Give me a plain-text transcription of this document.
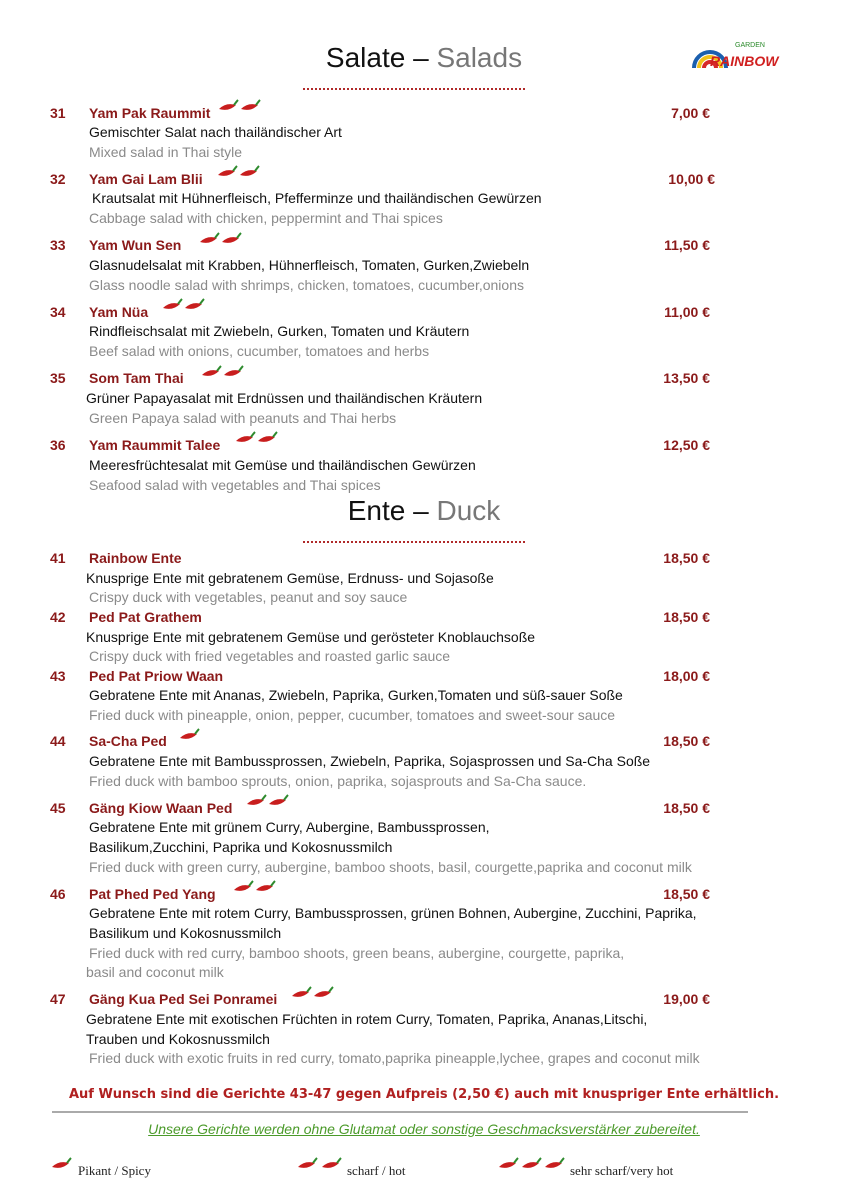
GARDEN
RAINBOW
Salate – Salads
31 Yam Pak Raummit	7,00 €
Gemischter Salat nach thailändischer Art
Mixed salad in Thai style
32 Yam Gai Lam Blii	10,00 €
Krautsalat mit Hühnerfleisch, Pfefferminze und thailändischen Gewürzen
Cabbage salad with chicken, peppermint and Thai spices
33 Yam Wun Sen	11,50 €
Glasnudelsalat mit Krabben, Hühnerfleisch, Tomaten, Gurken,Zwiebeln
Glass noodle salad with shrimps, chicken, tomatoes, cucumber,onions
34 Yam Nüa	11,00 €
Rindfleischsalat mit Zwiebeln, Gurken, Tomaten und Kräutern
Beef salad with onions, cucumber, tomatoes and herbs
35 Som Tam Thai	13,50 €
Grüner Papayasalat mit Erdnüssen und thailändischen Kräutern
Green Papaya salad with peanuts and Thai herbs
36 Yam Raummit Talee	12,50 €
Meeresfrüchtesalat mit Gemüse und thailändischen Gewürzen
Seafood salad with vegetables and Thai spices
Ente – Duck
41 Rainbow Ente	18,50 €
Knusprige Ente mit gebratenem Gemüse, Erdnuss- und Sojasoße
Crispy duck with vegetables, peanut and soy sauce
42 Ped Pat Grathem	18,50 €
Knusprige Ente mit gebratenem Gemüse und gerösteter Knoblauchsoße
Crispy duck with fried vegetables and roasted garlic sauce
43 Ped Pat Priow Waan	18,00 €
Gebratene Ente mit Ananas, Zwiebeln, Paprika, Gurken,Tomaten und süß-sauer Soße
Fried duck with pineapple, onion, pepper, cucumber, tomatoes and sweet-sour sauce
44 Sa-Cha Ped	18,50 €
Gebratene Ente mit Bambussprossen, Zwiebeln, Paprika, Sojasprossen und Sa-Cha Soße
Fried duck with bamboo sprouts, onion, paprika, sojasprouts and Sa-Cha sauce.
45 Gäng Kiow Waan Ped	18,50 €
Gebratene Ente mit grünem Curry, Aubergine, Bambussprossen,
Basilikum,Zucchini, Paprika und Kokosnussmilch
Fried duck with green curry, aubergine, bamboo shoots, basil, courgette,paprika and coconut milk
46 Pat Phed Ped Yang	18,50 €
Gebratene Ente mit rotem Curry, Bambussprossen, grünen Bohnen, Aubergine, Zucchini, Paprika,
Basilikum und Kokosnussmilch
Fried duck with red curry, bamboo shoots, green beans, aubergine, courgette, paprika,
basil and coconut milk
47 Gäng Kua Ped Sei Ponramei	19,00 €
Gebratene Ente mit exotischen Früchten in rotem Curry, Tomaten, Paprika, Ananas,Litschi,
Trauben und Kokosnussmilch
Fried duck with exotic fruits in red curry, tomato,paprika pineapple,lychee, grapes and coconut milk
Auf Wunsch sind die Gerichte 43-47 gegen Aufpreis (2,50 €) auch mit knuspriger Ente erhältlich.
Unsere Gerichte werden ohne Glutamat oder sonstige Geschmacksverstärker zubereitet.
Pikant / Spicy	scharf / hot	sehr scharf/very hot
